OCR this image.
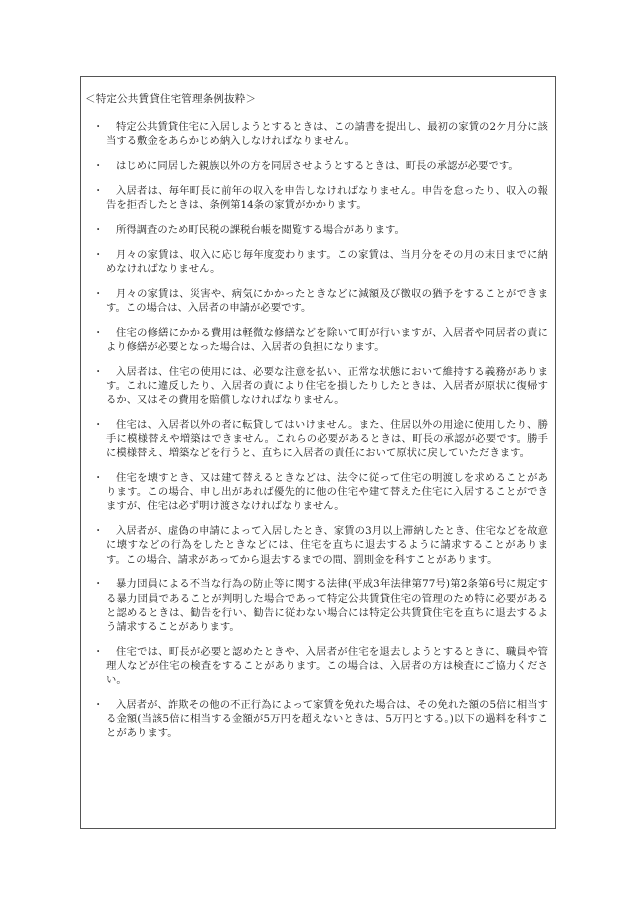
＜特定公共賃貸住宅管理条例抜粋＞
・	特定公共賃貸住宅に入居しようとするときは、この請書を提出し、最初の家賃の2ケ月分に該当する敷金をあらかじめ納入しなければなりません。
・	はじめに同居した親族以外の方を同居させようとするときは、町長の承認が必要です。
・	入居者は、毎年町長に前年の収入を申告しなければなりません。申告を怠ったり、収入の報告を拒否したときは、条例第14条の家賃がかかります。
・	所得調査のため町民税の課税台帳を閲覧する場合があります。
・	月々の家賃は、収入に応じ毎年度変わります。この家賃は、当月分をその月の末日までに納めなければなりません。
・	月々の家賃は、災害や、病気にかかったときなどに減額及び徴収の猶予をすることができます。この場合は、入居者の申請が必要です。
・	住宅の修繕にかかる費用は軽微な修繕などを除いて町が行いますが、入居者や同居者の責により修繕が必要となった場合は、入居者の負担になります。
・	入居者は、住宅の使用には、必要な注意を払い、正常な状態において維持する義務があります。これに違反したり、入居者の責により住宅を損したりしたときは、入居者が原状に復帰するか、又はその費用を賠償しなければなりません。
・	住宅は、入居者以外の者に転貸してはいけません。また、住居以外の用途に使用したり、勝手に模様替えや増築はできません。これらの必要があるときは、町長の承認が必要です。勝手に模様替え、増築などを行うと、直ちに入居者の責任において原状に戻していただきます。
・	住宅を壊すとき、又は建て替えるときなどは、法令に従って住宅の明渡しを求めることがあります。この場合、申し出があれば優先的に他の住宅や建て替えた住宅に入居することができますが、住宅は必ず明け渡さなければなりません。
・	入居者が、虚偽の申請によって入居したとき、家賃の3月以上滞納したとき、住宅などを故意に壊すなどの行為をしたときなどには、住宅を直ちに退去するように請求することがあります。この場合、請求があってから退去するまでの間、罰則金を科すことがあります。
・	暴力団員による不当な行為の防止等に関する法律(平成3年法律第77号)第2条第6号に規定する暴力団員であることが判明した場合であって特定公共賃貸住宅の管理のため特に必要があると認めるときは、勧告を行い、勧告に従わない場合には特定公共賃貸住宅を直ちに退去するよう請求することがあります。
・	住宅では、町長が必要と認めたときや、入居者が住宅を退去しようとするときに、職員や管理人などが住宅の検査をすることがあります。この場合は、入居者の方は検査にご協力ください。
・	入居者が、詐欺その他の不正行為によって家賃を免れた場合は、その免れた額の5倍に相当する金額(当該5倍に相当する金額が5万円を超えないときは、5万円とする。)以下の過料を科すことがあります。
